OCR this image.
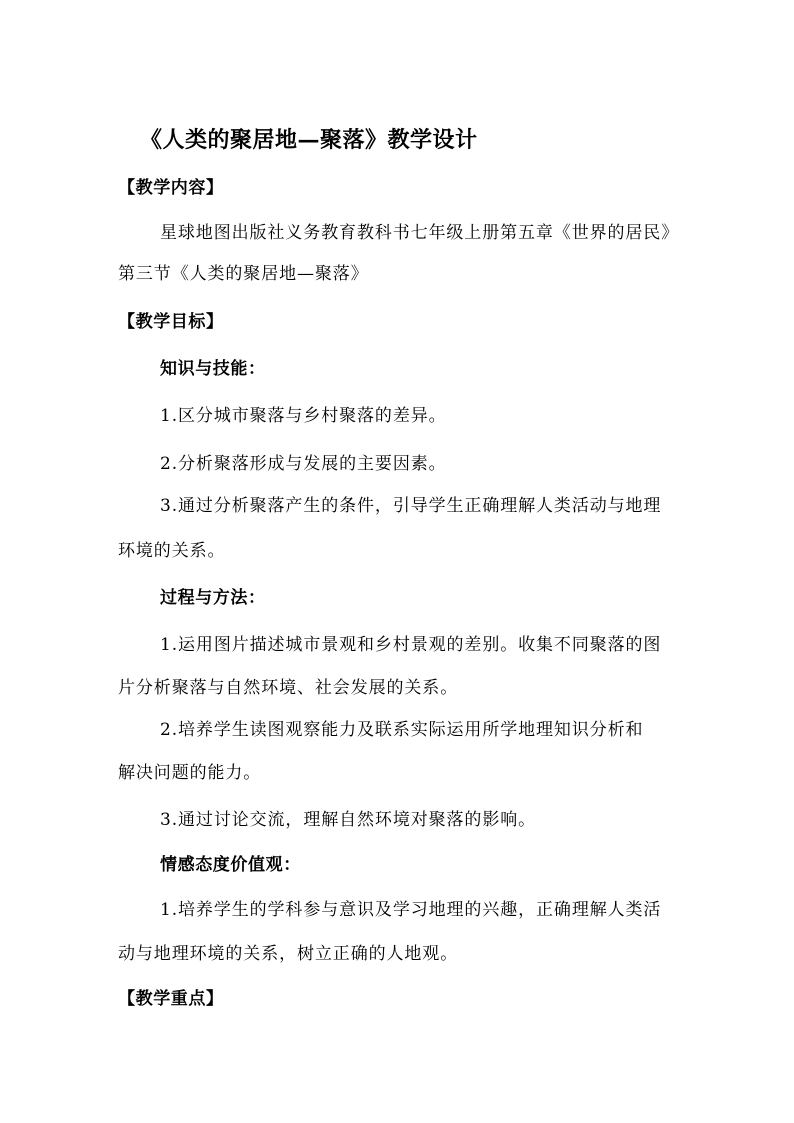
《人类的聚居地—聚落》教学设计
【教学内容】
星球地图出版社义务教育教科书七年级上册第五章《世界的居民》
第三节《人类的聚居地—聚落》
【教学目标】
知识与技能：
1.区分城市聚落与乡村聚落的差异。
2.分析聚落形成与发展的主要因素。
3.通过分析聚落产生的条件，引导学生正确理解人类活动与地理
环境的关系。
过程与方法：
1.运用图片描述城市景观和乡村景观的差别。收集不同聚落的图
片分析聚落与自然环境、社会发展的关系。
2.培养学生读图观察能力及联系实际运用所学地理知识分析和
解决问题的能力。
3.通过讨论交流，理解自然环境对聚落的影响。
情感态度价值观：
1.培养学生的学科参与意识及学习地理的兴趣，正确理解人类活
动与地理环境的关系，树立正确的人地观。
【教学重点】
